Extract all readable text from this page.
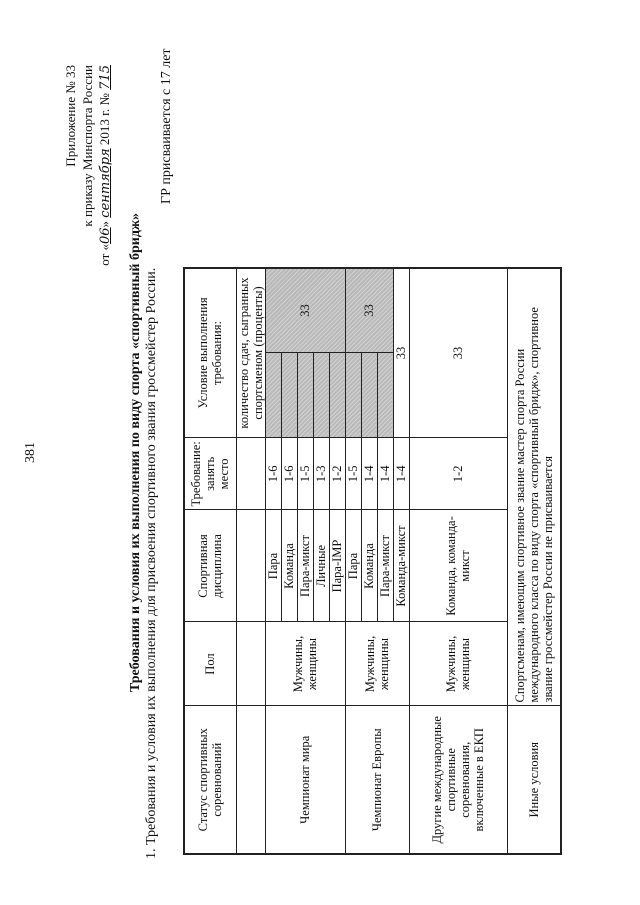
381
Приложение № 33 к приказу Минспорта России
от «06» сентября 2013 г. № 715
Требования и условия их выполнения по виду спорта «спортивный бридж» 1. Требования и условия их выполнения для присвоения спортивного звания гроссмейстер России.
ГР присваивается с 17 лет
Статус спортивных соревнований	Пол	Спортивная дисциплина	Требование: занять место	Условие выполнения требования:	
				количество сдач, сыгранных спортсменом (проценты)	
Чемпионат мира	Мужчины, женщины	Пара	1-6		33
		Команда	1-6		
		Пара-микст	1-5		
		Личные	1-3		
		Пара-IMP	1-2		
Чемпионат Европы	Мужчины, женщины	Пара	1-5		33
		Команда	1-4		
		Пара-микст	1-4		
		Команда-микст	1-4	33	
Другие международные спортивные соревнования, включенные в ЕКП	Мужчины, женщины	Команда, команда-микст	1-2	33	
Иные условия	Спортсменам, имеющим спортивное звание мастер спорта России международного класса по виду спорта «спортивный бридж», спортивное звание гроссмейстер России не присваивается				
